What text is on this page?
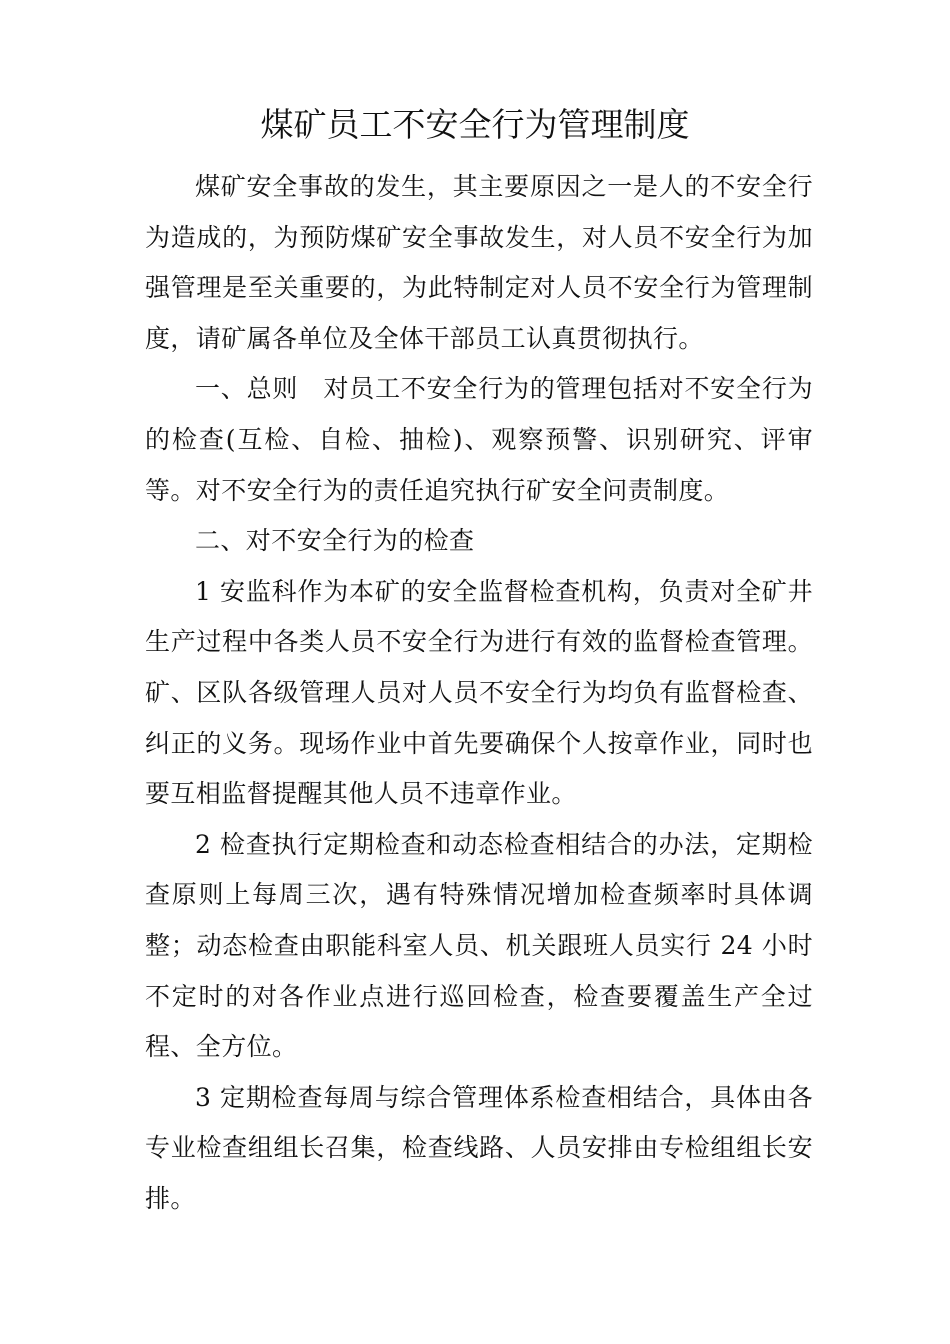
煤矿员工不安全行为管理制度

煤矿安全事故的发生，其主要原因之一是人的不安全行为造成的，为预防煤矿安全事故发生，对人员不安全行为加强管理是至关重要的，为此特制定对人员不安全行为管理制度，请矿属各单位及全体干部员工认真贯彻执行。

一、总则 对员工不安全行为的管理包括对不安全行为的检查(互检、自检、抽检)、观察预警、识别研究、评审等。对不安全行为的责任追究执行矿安全问责制度。

二、对不安全行为的检查

1 安监科作为本矿的安全监督检查机构，负责对全矿井生产过程中各类人员不安全行为进行有效的监督检查管理。矿、区队各级管理人员对人员不安全行为均负有监督检查、纠正的义务。现场作业中首先要确保个人按章作业，同时也要互相监督提醒其他人员不违章作业。

2 检查执行定期检查和动态检查相结合的办法，定期检查原则上每周三次，遇有特殊情况增加检查频率时具体调整；动态检查由职能科室人员、机关跟班人员实行 24 小时不定时的对各作业点进行巡回检查，检查要覆盖生产全过程、全方位。

3 定期检查每周与综合管理体系检查相结合，具体由各专业检查组组长召集，检查线路、人员安排由专检组组长安排。
